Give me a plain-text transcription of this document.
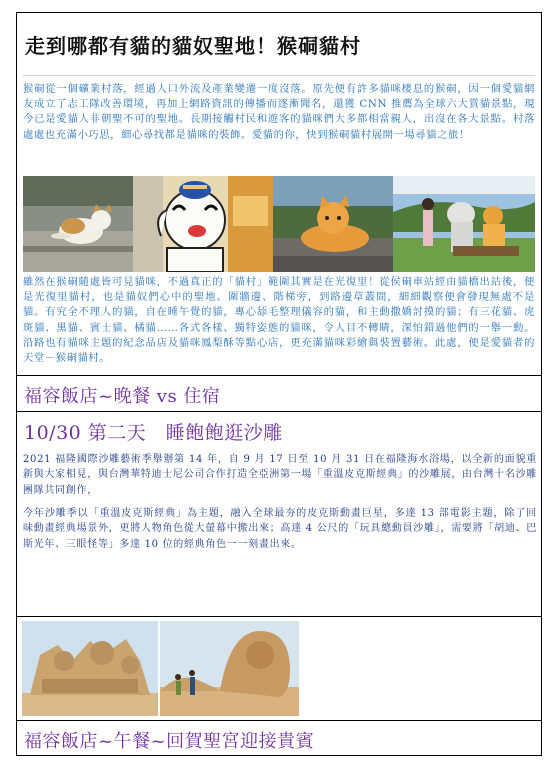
走到哪都有貓的貓奴聖地！猴硐貓村
猴硐從一個礦業村落，經過人口外流及產業變遷一度沒落。原先便有許多貓咪棲息的猴硐，因一個愛貓網友成立了志工隊改善環境，再加上網路資訊的傳播而逐漸聞名，還獲 CNN 推薦為全球六大賞貓景點，現今已是愛貓人非朝聖不可的聖地。長期接觸村民和遊客的貓咪們大多都相當親人，出沒在各大景點。村落處處也充滿小巧思，細心尋找都是貓咪的裝飾。愛貓的你，快到猴硐貓村展開一場尋貓之旅！
雖然在猴硐隨處皆可見貓咪，不過真正的「貓村」範圍其實是在光復里！從侯硐車站經由貓橋出站後，便是光復里貓村，也是貓奴們心中的聖地。圍牆邊、階梯旁，到路邊草叢間，細細觀察便會發現無處不是貓。有究全不理人的貓，自在睡午覺的貓，專心舔毛整理儀容的貓，和主動撒嬌討摸的貓；有三花貓、虎斑貓、黑貓、賓士貓、橘貓……各式各樣、獨特姿態的貓咪，令人目不轉睛，深怕錯過他們的一舉一動。沿路也有貓咪主題的紀念品店及貓咪鳳梨酥等點心店，更充滿貓咪彩繪與裝置藝術。此處，便是愛貓者的天堂－猴硐貓村。
福容飯店~晚餐 vs 住宿
10/30 第二天　睡飽飽逛沙雕
2021 福隆國際沙雕藝術季舉辦第 14 年，自 9 月 17 日至 10 月 31 日在福隆海水浴場，以全新的面貌重新與大家相見，與台灣華特迪士尼公司合作打造全亞洲第一場「重溫皮克斯經典」的沙雕展，由台灣十名沙雕團隊共同創作，
今年沙雕季以「重溫皮克斯經典」為主題，融入全球最夯的皮克斯動畫巨星，多達 13 部電影主題，除了回味動畫經典場景外，更將人物角色從大螢幕中搬出來；高達 4 公尺的「玩具總動員沙雕」，需要將「胡迪、巴斯光年、三眼怪等」多達 10 位的經典角色一一刻畫出來。
福容飯店~午餐~回賀聖宮迎接貴賓
